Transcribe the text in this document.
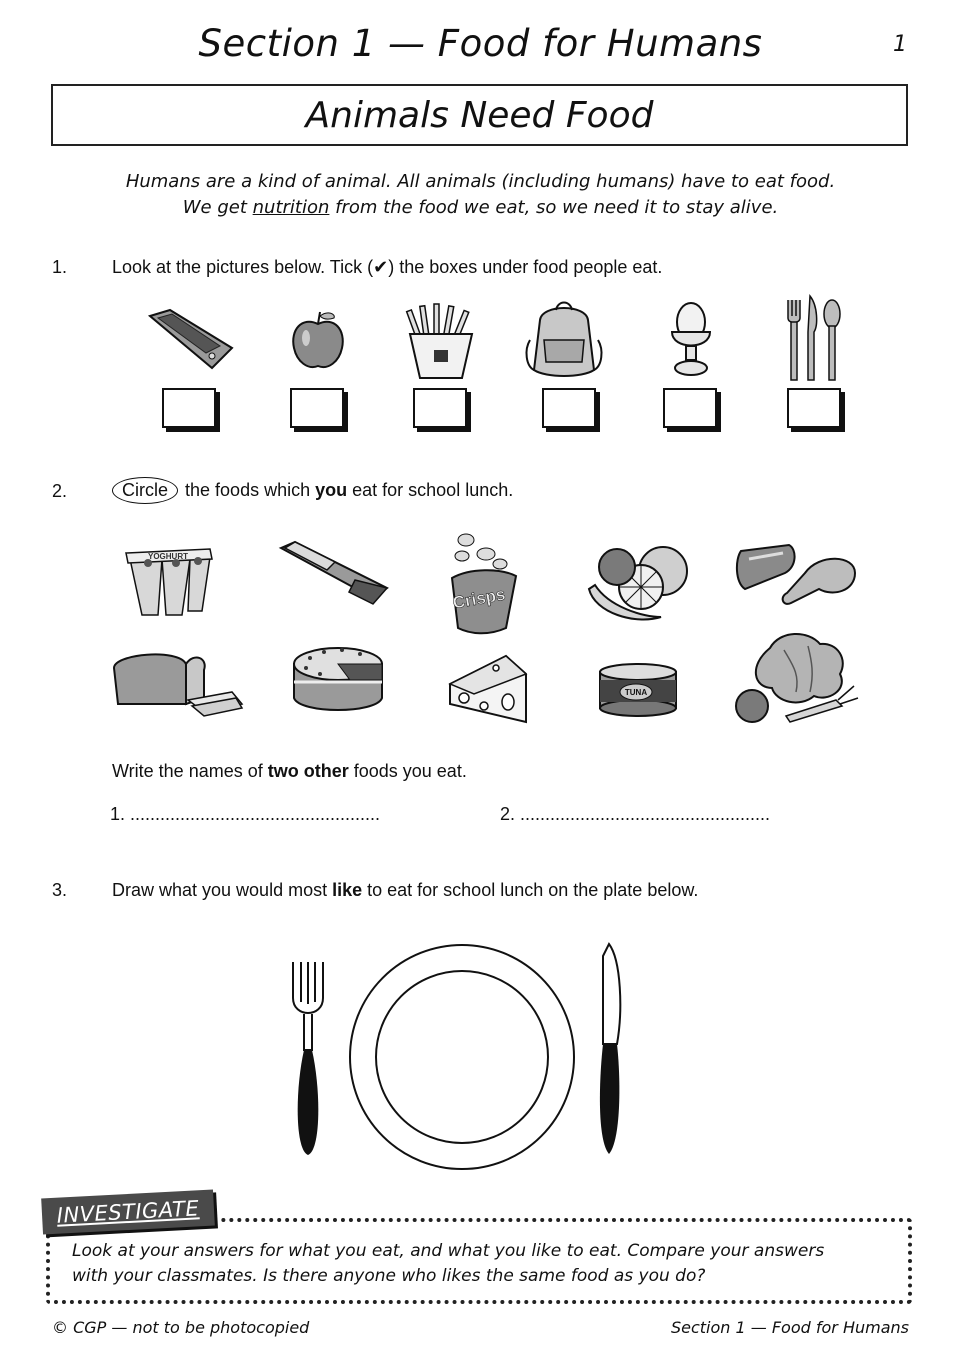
Section 1 — Food for Humans	1
Animals Need Food
Humans are a kind of animal. All animals (including humans) have to eat food.
We get nutrition from the food we eat, so we need it to stay alive.
1. Look at the pictures below. Tick (✔) the boxes under food people eat.
2.	Circle the foods which you eat for school lunch.
YOGHURT
Crisps
TUNA
Write the names of two other foods you eat.
1. ..................................................	2. ..................................................
3. Draw what you would most like to eat for school lunch on the plate below.
INVESTIGATE
Look at your answers for what you eat, and what you like to eat. Compare your answers
with your classmates. Is there anyone who likes the same food as you do?
© CGP — not to be photocopied	Section 1 — Food for Humans
